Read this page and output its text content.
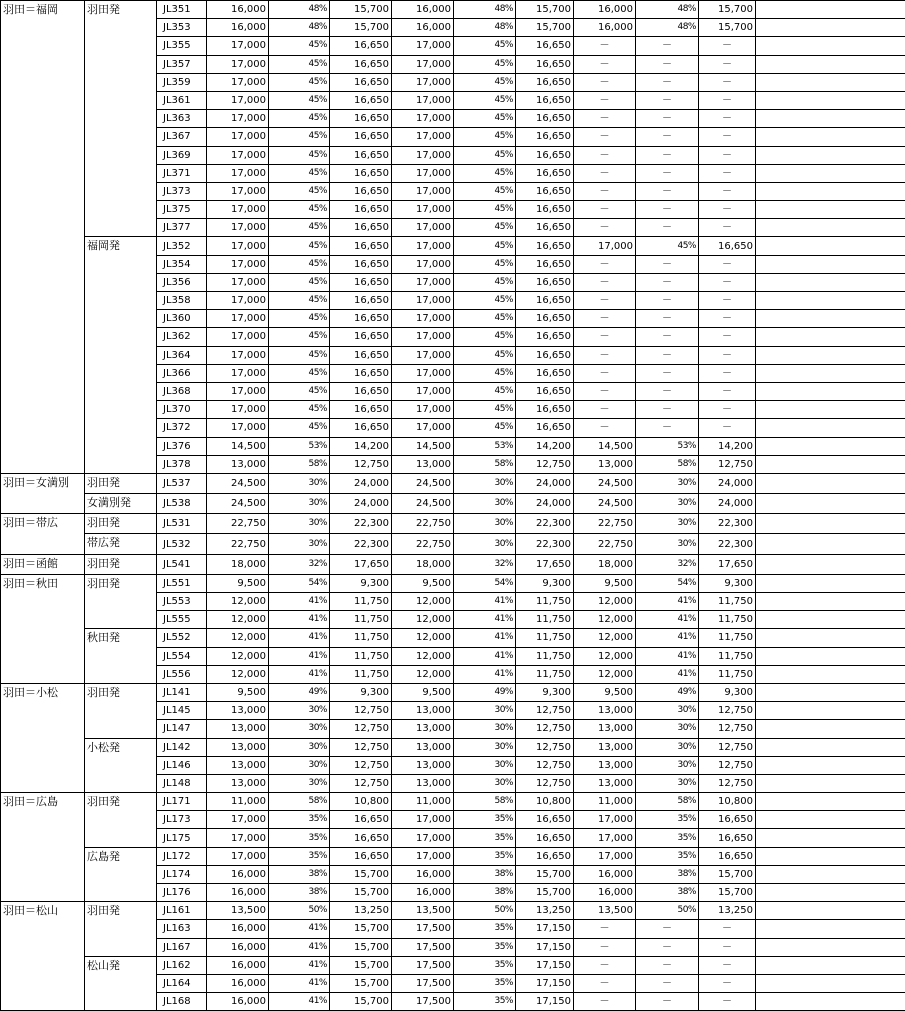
羽田＝福岡	羽田発	JL351	16,000	48%	15,700	16,000	48%	15,700	16,000	48%	15,700	
		JL353	16,000	48%	15,700	16,000	48%	15,700	16,000	48%	15,700	
		JL355	17,000	45%	16,650	17,000	45%	16,650	－	－	－	
		JL357	17,000	45%	16,650	17,000	45%	16,650	－	－	－	
		JL359	17,000	45%	16,650	17,000	45%	16,650	－	－	－	
		JL361	17,000	45%	16,650	17,000	45%	16,650	－	－	－	
		JL363	17,000	45%	16,650	17,000	45%	16,650	－	－	－	
		JL367	17,000	45%	16,650	17,000	45%	16,650	－	－	－	
		JL369	17,000	45%	16,650	17,000	45%	16,650	－	－	－	
		JL371	17,000	45%	16,650	17,000	45%	16,650	－	－	－	
		JL373	17,000	45%	16,650	17,000	45%	16,650	－	－	－	
		JL375	17,000	45%	16,650	17,000	45%	16,650	－	－	－	
		JL377	17,000	45%	16,650	17,000	45%	16,650	－	－	－	
	福岡発	JL352	17,000	45%	16,650	17,000	45%	16,650	17,000	45%	16,650	
		JL354	17,000	45%	16,650	17,000	45%	16,650	－	－	－	
		JL356	17,000	45%	16,650	17,000	45%	16,650	－	－	－	
		JL358	17,000	45%	16,650	17,000	45%	16,650	－	－	－	
		JL360	17,000	45%	16,650	17,000	45%	16,650	－	－	－	
		JL362	17,000	45%	16,650	17,000	45%	16,650	－	－	－	
		JL364	17,000	45%	16,650	17,000	45%	16,650	－	－	－	
		JL366	17,000	45%	16,650	17,000	45%	16,650	－	－	－	
		JL368	17,000	45%	16,650	17,000	45%	16,650	－	－	－	
		JL370	17,000	45%	16,650	17,000	45%	16,650	－	－	－	
		JL372	17,000	45%	16,650	17,000	45%	16,650	－	－	－	
		JL376	14,500	53%	14,200	14,500	53%	14,200	14,500	53%	14,200	
		JL378	13,000	58%	12,750	13,000	58%	12,750	13,000	58%	12,750	
羽田＝女満別	羽田発	JL537	24,500	30%	24,000	24,500	30%	24,000	24,500	30%	24,000	
	女満別発	JL538	24,500	30%	24,000	24,500	30%	24,000	24,500	30%	24,000	
羽田＝帯広	羽田発	JL531	22,750	30%	22,300	22,750	30%	22,300	22,750	30%	22,300	
	帯広発	JL532	22,750	30%	22,300	22,750	30%	22,300	22,750	30%	22,300	
羽田＝函館	羽田発	JL541	18,000	32%	17,650	18,000	32%	17,650	18,000	32%	17,650	
羽田＝秋田	羽田発	JL551	9,500	54%	9,300	9,500	54%	9,300	9,500	54%	9,300	
		JL553	12,000	41%	11,750	12,000	41%	11,750	12,000	41%	11,750	
		JL555	12,000	41%	11,750	12,000	41%	11,750	12,000	41%	11,750	
	秋田発	JL552	12,000	41%	11,750	12,000	41%	11,750	12,000	41%	11,750	
		JL554	12,000	41%	11,750	12,000	41%	11,750	12,000	41%	11,750	
		JL556	12,000	41%	11,750	12,000	41%	11,750	12,000	41%	11,750	
羽田＝小松	羽田発	JL141	9,500	49%	9,300	9,500	49%	9,300	9,500	49%	9,300	
		JL145	13,000	30%	12,750	13,000	30%	12,750	13,000	30%	12,750	
		JL147	13,000	30%	12,750	13,000	30%	12,750	13,000	30%	12,750	
	小松発	JL142	13,000	30%	12,750	13,000	30%	12,750	13,000	30%	12,750	
		JL146	13,000	30%	12,750	13,000	30%	12,750	13,000	30%	12,750	
		JL148	13,000	30%	12,750	13,000	30%	12,750	13,000	30%	12,750	
羽田＝広島	羽田発	JL171	11,000	58%	10,800	11,000	58%	10,800	11,000	58%	10,800	
		JL173	17,000	35%	16,650	17,000	35%	16,650	17,000	35%	16,650	
		JL175	17,000	35%	16,650	17,000	35%	16,650	17,000	35%	16,650	
	広島発	JL172	17,000	35%	16,650	17,000	35%	16,650	17,000	35%	16,650	
		JL174	16,000	38%	15,700	16,000	38%	15,700	16,000	38%	15,700	
		JL176	16,000	38%	15,700	16,000	38%	15,700	16,000	38%	15,700	
羽田＝松山	羽田発	JL161	13,500	50%	13,250	13,500	50%	13,250	13,500	50%	13,250	
		JL163	16,000	41%	15,700	17,500	35%	17,150	－	－	－	
		JL167	16,000	41%	15,700	17,500	35%	17,150	－	－	－	
	松山発	JL162	16,000	41%	15,700	17,500	35%	17,150	－	－	－	
		JL164	16,000	41%	15,700	17,500	35%	17,150	－	－	－	
		JL168	16,000	41%	15,700	17,500	35%	17,150	－	－	－	
